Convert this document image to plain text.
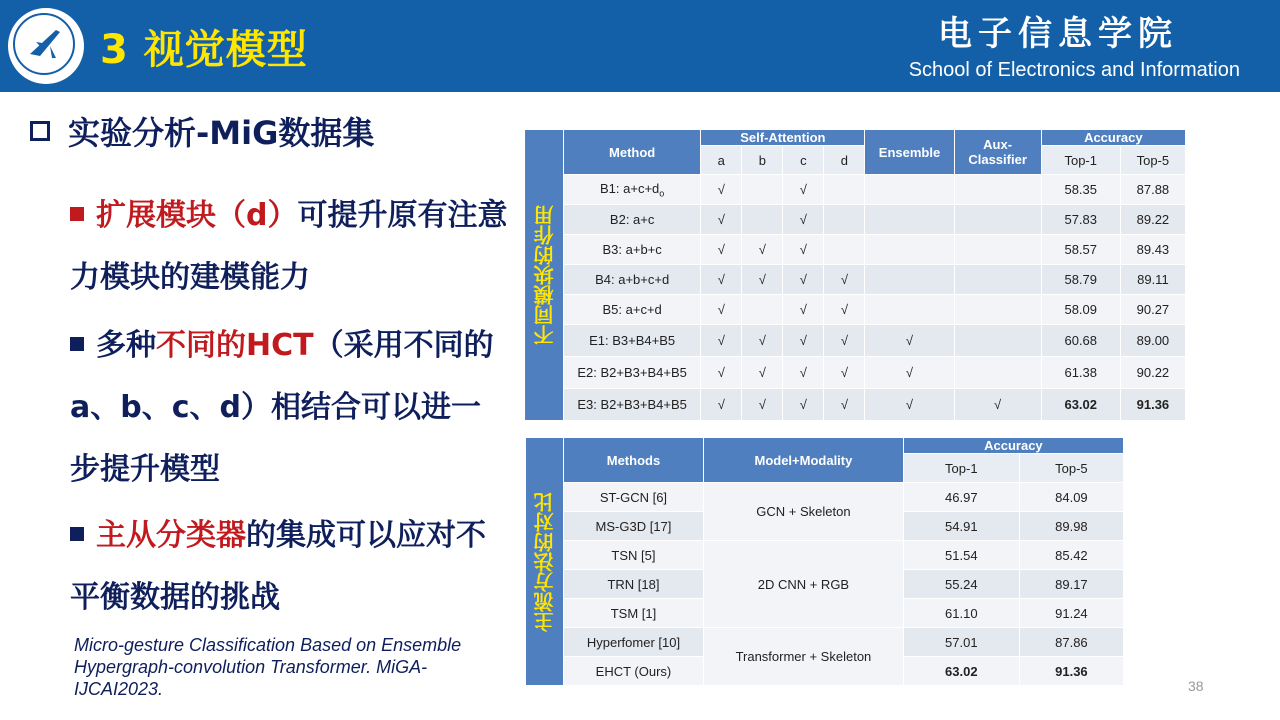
3 视觉模型	电子信息学院
School of Electronics and Information
实验分析-MiG数据集
扩展模块（d）可提升原有注意力模块的建模能力
多种不同的HCT（采用不同的a、b、c、d）相结合可以进一步提升模型
主从分类器的集成可以应对不平衡数据的挑战
Micro-gesture Classification Based on Ensemble Hypergraph-convolution Transformer. MiGA-IJCAI2023.
不同模块的作用	Method	Self-Attention				Ensemble	Aux-Classifier	Accuracy	
		a	b	c	d			Top-1	Top-5
	B1: $a+c+d_o$	√		√				58.35	87.88
	B2: a+c	√		√				57.83	89.22
	B3: a+b+c	√	√	√				58.57	89.43
	B4: a+b+c+d	√	√	√	√			58.79	89.11
	B5: a+c+d	√		√	√			58.09	90.27
	E1: B3+B4+B5	√	√	√	√	√		60.68	89.00
	E2: B2+B3+B4+B5	√	√	√	√	√		61.38	90.22
	E3: B2+B3+B4+B5	√	√	√	√	√	√	63.02	91.36
主流方法的对比	Methods	Model+Modality	Accuracy	
			Top-1	Top-5
	ST-GCN [6]	GCN + Skeleton	46.97	84.09
	MS-G3D [17]		54.91	89.98
	TSN [5]	2D CNN + RGB	51.54	85.42
	TRN [18]		55.24	89.17
	TSM [1]		61.10	91.24
	Hyperfomer [10]	Transformer + Skeleton	57.01	87.86
	EHCT (Ours)		63.02	91.36
38
